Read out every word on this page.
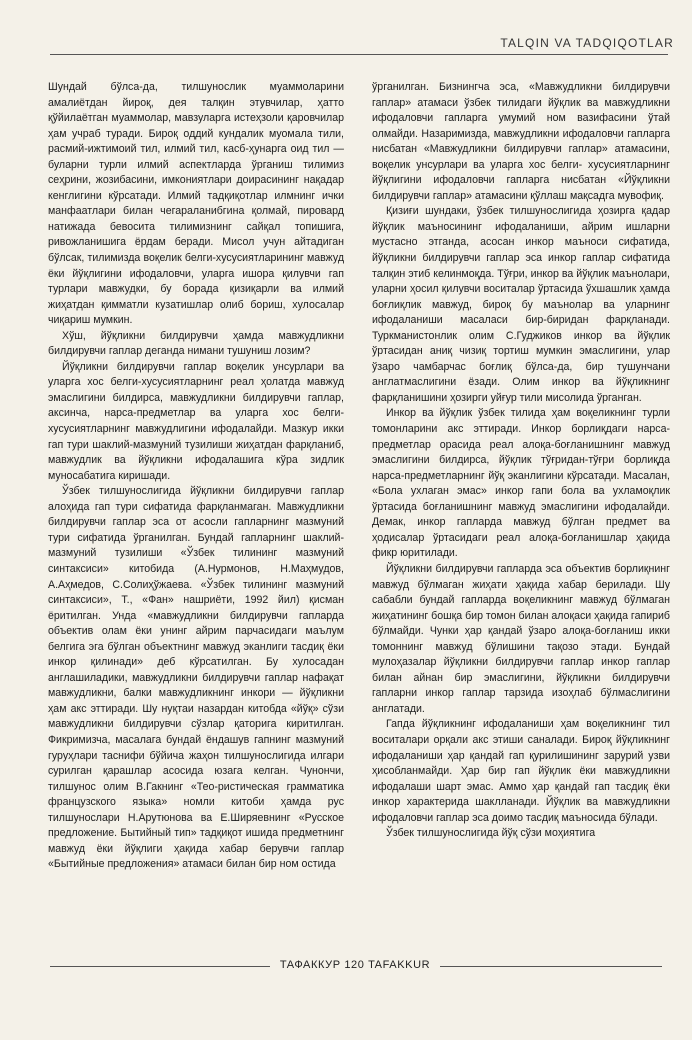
TALQIN VA TADQIQOTLAR

Шундай бўлса-да, тилшунослик муаммоларини амалиётдан йироқ, дея талқин этувчилар, ҳатто қўйилаётган муаммолар, мавзуларга истеҳзоли қаровчилар ҳам учраб туради. Бироқ оддий кундалик муомала тили, расмий-ижтимоий тил, илмий тил, касб-ҳунарга оид тил — буларни турли илмий аспектларда ўрганиш тилимиз сеҳрини, жозибасини, имкониятлари доирасининг нақадар кенглигини кўрсатади. Илмий тадқиқотлар илмнинг ички манфаатлари билан чегараланибгина қолмай, пировард натижада бевосита тилимизнинг сайқал топишига, ривожланишига ёрдам беради. Мисол учун айтадиган бўлсак, тилимизда воқелик белги-хусусиятларининг мавжуд ёки йўқлигини ифодаловчи, уларга ишора қилувчи гап турлари мавжудки, бу борада қизиқарли ва илмий жиҳатдан қимматли кузатишлар олиб бориш, хулосалар чиқариш мумкин.

Хўш, йўқликни билдирувчи ҳамда мавжудликни билдирувчи гаплар деганда нимани тушуниш лозим?

Йўқликни билдирувчи гаплар воқелик унсурлари ва уларга хос белги-хусусиятларнинг реал ҳолатда мавжуд эмаслигини билдирса, мавжудликни билдирувчи гаплар, аксинча, нарса-предметлар ва уларга хос белги-хусусиятларнинг мавжудлигини ифодалайди. Мазкур икки гап тури шаклий-мазмуний тузилиши жиҳатдан фарқланиб, мавжудлик ва йўқликни ифодалашига кўра зидлик муносабатига киришади.

Ўзбек тилшунослигида йўқликни билдирувчи гаплар алоҳида гап тури сифатида фарқланмаган. Мавжудликни билдирувчи гаплар эса от асосли гапларнинг мазмуний тури сифатида ўрганилган. Бундай гапларнинг шаклий-мазмуний тузилиши «Ўзбек тилининг мазмуний синтаксиси» китобида (А.Нурмонов, Н.Маҳмудов, А.Аҳмедов, С.Солиҳўжаева. «Ўзбек тилининг мазмуний синтаксиси», Т., «Фан» нашриёти, 1992 йил) қисман ёритилган. Унда «мавжудликни билдирувчи гапларда объектив олам ёки унинг айрим парчасидаги маълум белгига эга бўлган объектнинг мавжуд эканлиги тасдиқ ёки инкор қилинади» деб кўрсатилган. Бу хулосадан англашиладики, мавжудликни билдирувчи гаплар нафақат мавжудликни, балки мавжудликнинг инкори — йўқликни ҳам акс эттиради. Шу нуқтаи назардан китобда «йўқ» сўзи мавжудликни билдирувчи сўзлар қаторига киритилган. Фикримизча, масалага бундай ёндашув гапнинг мазмуний гуруҳлари таснифи бўйича жаҳон тилшунослигида илгари сурилган қарашлар асосида юзага келган. Чунончи, тилшунос олим В.Гакнинг «Тео-ристическая грамматика французского языка» номли китоби ҳамда рус тилшунослари Н.Арутюнова ва Е.Ширяевнинг «Русское предложение. Бытийный тип» тадқиқот ишида предметнинг мавжуд ёки йўқлиги ҳақида хабар берувчи гаплар «Бытийные предложения» атамаси билан бир ном остида

ўрганилган. Бизнингча эса, «Мавжудликни билдирувчи гаплар» атамаси ўзбек тилидаги йўқлик ва мавжудликни ифодаловчи гапларга умумий ном вазифасини ўтай олмайди. Назаримизда, мавжудликни ифодаловчи гапларга нисбатан «Мавжудликни билдирувчи гаплар» атамасини, воқелик унсурлари ва уларга хос белги- хусусиятларнинг йўқлигини ифодаловчи гапларга нисбатан «Йўқликни билдирувчи гаплар» атамасини қўллаш мақсадга мувофиқ.

Қизиғи шундаки, ўзбек тилшунослигида ҳозирга қадар йўқлик маъносининг ифодаланиши, айрим ишларни мустасно этганда, асосан инкор маъноси сифатида, йўқликни билдирувчи гаплар эса инкор гаплар сифатида талқин этиб келинмоқда. Тўғри, инкор ва йўқлик маънолари, уларни ҳосил қилувчи воситалар ўртасида ўхшашлик ҳамда боғлиқлик мавжуд, бироқ бу маънолар ва уларнинг ифодаланиши масаласи бир-биридан фарқланади. Туркманистонлик олим С.Гуджиков инкор ва йўқлик ўртасидан аниқ чизиқ тортиш мумкин эмаслигини, улар ўзаро чамбарчас боғлиқ бўлса-да, бир тушунчани англатмаслигини ёзади. Олим инкор ва йўқликнинг фарқланишини ҳозирги уйғур тили мисолида ўрганган.

Инкор ва йўқлик ўзбек тилида ҳам воқеликнинг турли томонларини акс эттиради. Инкор борлиқдаги нарса-предметлар орасида реал алоқа-боғланишнинг мавжуд эмаслигини билдирса, йўқлик тўғридан-тўғри борлиқда нарса-предметларнинг йўқ эканлигини кўрсатади. Масалан, «Бола ухлаган эмас» инкор гапи бола ва ухламоқлик ўртасида боғланишнинг мавжуд эмаслигини ифодалайди. Демак, инкор гапларда мавжуд бўлган предмет ва ҳодисалар ўртасидаги реал алоқа-боғланишлар ҳақида фикр юритилади.

Йўқликни билдирувчи гапларда эса объектив борлиқнинг мавжуд бўлмаган жиҳати ҳақида хабар берилади. Шу сабабли бундай гапларда воқеликнинг мавжуд бўлмаган жиҳатининг бошқа бир томон билан алоқаси ҳақида гапириб бўлмайди. Чунки ҳар қандай ўзаро алоқа-боғланиш икки томоннинг мавжуд бўлишини тақозо этади. Бундай мулоҳазалар йўқликни билдирувчи гаплар инкор гаплар билан айнан бир эмаслигини, йўқликни билдирувчи гапларни инкор гаплар тарзида изоҳлаб бўлмаслигини англатади.

Гапда йўқликнинг ифодаланиши ҳам воқеликнинг тил воситалари орқали акс этиши саналади. Бироқ йўқликнинг ифодаланиши ҳар қандай гап қурилишининг зарурий узви ҳисобланмайди. Ҳар бир гап йўқлик ёки мавжудликни ифодалаши шарт эмас. Аммо ҳар қандай гап тасдиқ ёки инкор характерида шаклланади. Йўқлик ва мавжудликни ифодаловчи гаплар эса доимо тасдиқ маъносида бўлади.

Ўзбек тилшунослигида йўқ сўзи моҳиятига

ТАФАККУР 120 TAFAKKUR
